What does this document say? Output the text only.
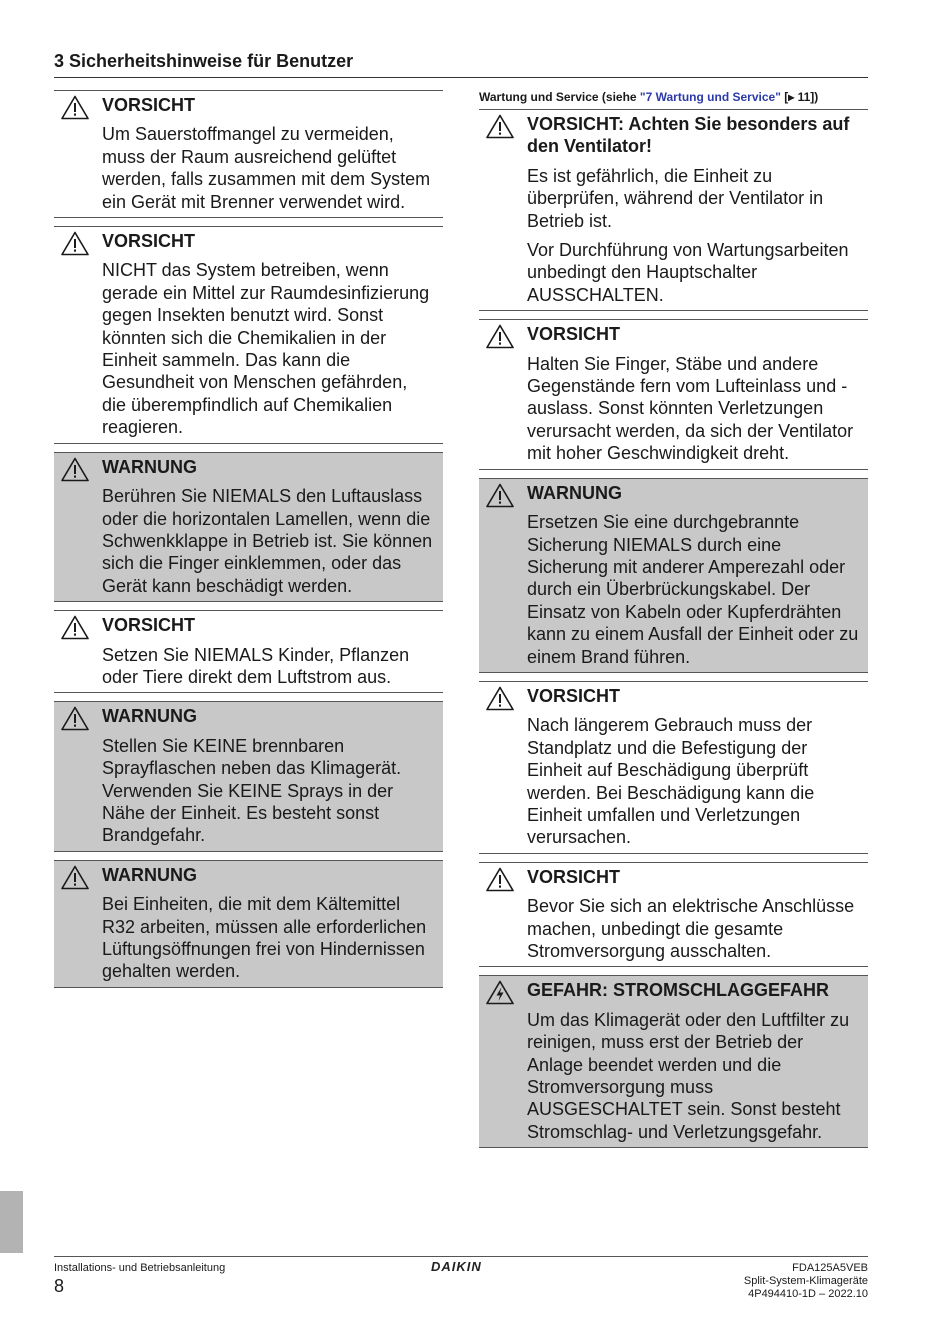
3 Sicherheitshinweise für Benutzer
VORSICHT

Um Sauerstoffmangel zu vermeiden, muss der Raum ausreichend gelüftet werden, falls zusammen mit dem System ein Gerät mit Brenner verwendet wird.

VORSICHT

NICHT das System betreiben, wenn gerade ein Mittel zur Raumdesinfizierung gegen Insekten benutzt wird. Sonst könnten sich die Chemikalien in der Einheit sammeln. Das kann die Gesundheit von Menschen gefährden, die überempfindlich auf Chemikalien reagieren.

WARNUNG

Berühren Sie NIEMALS den Luftauslass oder die horizontalen Lamellen, wenn die Schwenkklappe in Betrieb ist. Sie können sich die Finger einklemmen, oder das Gerät kann beschädigt werden.

VORSICHT

Setzen Sie NIEMALS Kinder, Pflanzen oder Tiere direkt dem Luftstrom aus.

WARNUNG

Stellen Sie KEINE brennbaren Sprayflaschen neben das Klimagerät. Verwenden Sie KEINE Sprays in der Nähe der Einheit. Es besteht sonst Brandgefahr.

WARNUNG

Bei Einheiten, die mit dem Kältemittel R32 arbeiten, müssen alle erforderlichen Lüftungsöffnungen frei von Hindernissen gehalten werden.

Wartung und Service (siehe "7 Wartung und Service" [▸ 11])
VORSICHT: Achten Sie besonders auf den Ventilator!

Es ist gefährlich, die Einheit zu überprüfen, während der Ventilator in Betrieb ist.

Vor Durchführung von Wartungsarbeiten unbedingt den Hauptschalter AUSSCHALTEN.

VORSICHT

Halten Sie Finger, Stäbe und andere Gegenstände fern vom Lufteinlass und -auslass. Sonst könnten Verletzungen verursacht werden, da sich der Ventilator mit hoher Geschwindigkeit dreht.

WARNUNG

Ersetzen Sie eine durchgebrannte Sicherung NIEMALS durch eine Sicherung mit anderer Amperezahl oder durch ein Überbrückungskabel. Der Einsatz von Kabeln oder Kupferdrähten kann zu einem Ausfall der Einheit oder zu einem Brand führen.

VORSICHT

Nach längerem Gebrauch muss der Standplatz und die Befestigung der Einheit auf Beschädigung überprüft werden. Bei Beschädigung kann die Einheit umfallen und Verletzungen verursachen.

VORSICHT

Bevor Sie sich an elektrische Anschlüsse machen, unbedingt die gesamte Stromversorgung ausschalten.

GEFAHR: STROMSCHLAGGEFAHR

Um das Klimagerät oder den Luftfilter zu reinigen, muss erst der Betrieb der Anlage beendet werden und die Stromversorgung muss AUSGESCHALTET sein. Sonst besteht Stromschlag- und Verletzungsgefahr.

Installations- und Betriebsanleitung
8
DAIKIN	FDA125A5VEB
Split-System-Klimageräte
4P494410-1D – 2022.10
